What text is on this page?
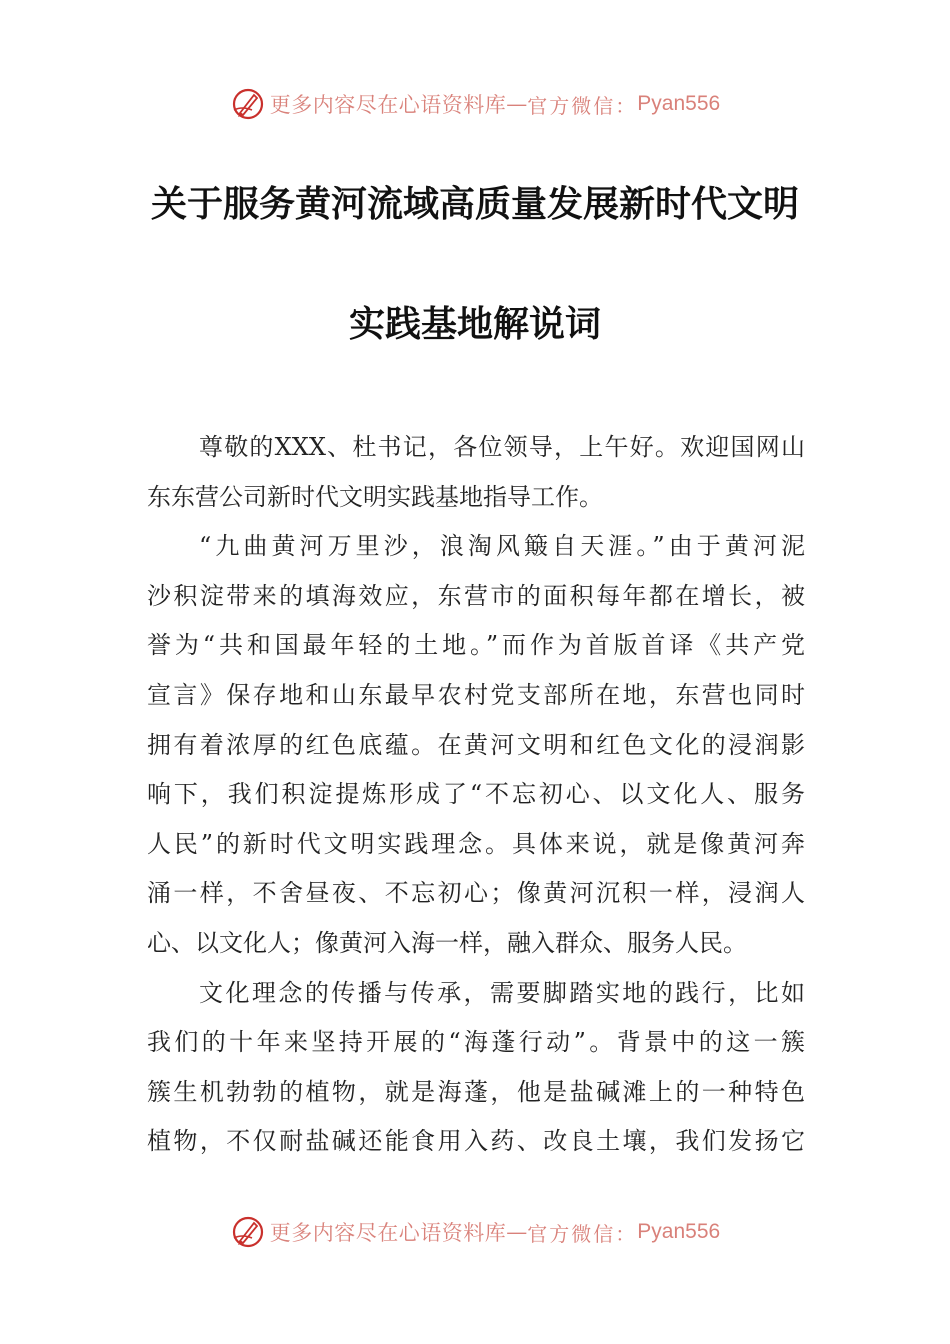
更多内容尽在心语资料库 — 官方微信： Pyan556
关于服务黄河流域高质量发展新时代文明
实践基地解说词
尊敬的XXX、杜书记，各位领导，上午好。欢迎国网山
东东营公司新时代文明实践基地指导工作。
“九曲黄河万里沙，浪淘风簸自天涯。”由于黄河泥
沙积淀带来的填海效应，东营市的面积每年都在增长，被
誉为“共和国最年轻的土地。”而作为首版首译《共产党
宣言》保存地和山东最早农村党支部所在地，东营也同时
拥有着浓厚的红色底蕴。在黄河文明和红色文化的浸润影
响下，我们积淀提炼形成了“不忘初心、以文化人、服务
人民”的新时代文明实践理念。具体来说，就是像黄河奔
涌一样，不舍昼夜、不忘初心；像黄河沉积一样，浸润人
心、以文化人；像黄河入海一样，融入群众、服务人民。
文化理念的传播与传承，需要脚踏实地的践行，比如
我们的十年来坚持开展的“海蓬行动”。背景中的这一簇
簇生机勃勃的植物，就是海蓬，他是盐碱滩上的一种特色
植物，不仅耐盐碱还能食用入药、改良土壤，我们发扬它
更多内容尽在心语资料库 — 官方微信： Pyan556
